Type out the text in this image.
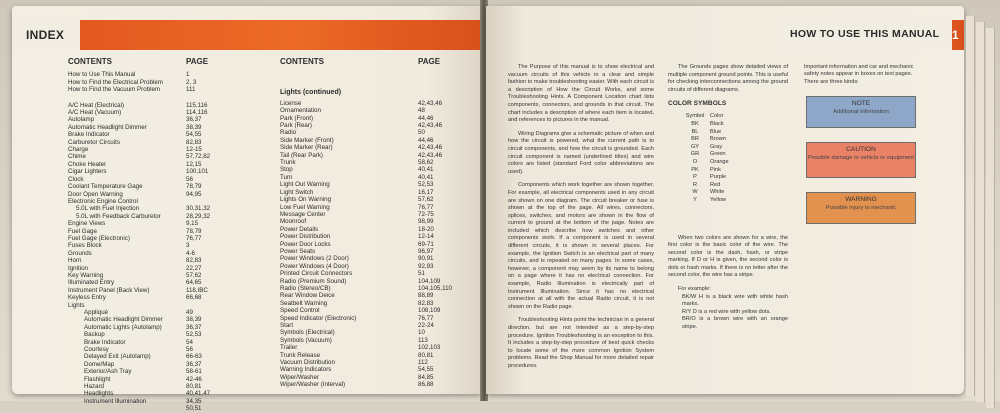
INDEX
CONTENTS	PAGE
How to Use This Manual	1
How to Find the Electrical Problem	2, 3
How to Find the Vacuum Problem	111
A/C Heat (Electrical)	115,116
A/C Heat (Vacuum)	114,116
Autolamp	36,37
Automatic Headlight Dimmer	38,39
Brake Indicator	54,55
Carburetor Circuits	82,83
Charge	12-15
Chime	57,72,82
Choke Heater	12,15
Cigar Lighters	100,101
Clock	56
Coolant Temperature Gage	78,79
Door Open Warning	94,95
Electronic Engine Control
5.0L with Fuel Injection	30,31,32
5.0L with Feedback Carburetor	28,29,32
Engine Views	9,15
Fuel Gage	78,79
Fuel Gage (Electronic)	76,77
Fuses Block	3
Grounds	4-6
Horn	82,83
Ignition	22,27
Key Warning	57,62
Illuminated Entry	64,65
Instrument Panel (Back View)	118,IBC
Keyless Entry	66,68
Lights
Appliqué	49
Automatic Headlight Dimmer	38,39
Automatic Lights (Autolamp)	36,37
Backup	52,53
Brake Indicator	54
Courtesy	56
Delayed Exit (Autolamp)	66-63
Dome/Map	36,37
Exterior/Ash Tray	58-61
Flashlight	42-46
Hazard	80,81
Headlights	40,41,47
Instrument Illumination	34,35
50,51
CONTENTS	PAGE
Lights (continued)
License	42,43,46
Ornamentation	48
Park (Front)	44,46
Park (Rear)	42,43,46
Radio	50
Side Marker (Front)	44,46
Side Marker (Rear)	42,43,46
Tail (Rear Park)	42,43,46
Trunk	58,62
Stop	40,41
Turn	40,41
Light Out Warning	52,53
Light Switch	16,17
Lights On Warning	57,62
Low Fuel Warning	76,77
Message Center	72-75
Moonroof	98,99
Power Details	18-20
Power Distribution	12-14
Power Door Locks	69-71
Power Seats	96,97
Power Windows (2 Door)	90,91
Power Windows (4 Door)	92,93
Printed Circuit Connectors	51
Radio (Premium Sound)	104,109
Radio (Stereo/CB)	104,105,110
Rear Window Deice	88,89
Seatbelt Warning	82,83
Speed Control	108,109
Speed Indicator (Electronic)	76,77
Start	22-24
Symbols (Electrical)	10
Symbols (Vacuum)	113
Trailer	102,103
Trunk Release	80,81
Vacuum Distribution	112
Warning Indicators	54,55
Wiper/Washer	84,85
Wiper/Washer (Interval)	86,88
HOW TO USE THIS MANUAL 1

The Purpose of this manual is to show electrical and vacuum circuits of this vehicle in a clear and simple fashion to make troubleshooting easier. With each circuit is a description of How the Circuit Works, and some Troubleshooting Hints. A Component Location chart lists components, connectors, and grounds in that circuit. The chart includes a description of where each item is located, and references to pictures in the manual.

Wiring Diagrams give a schematic picture of when and how the circuit is powered, what the current path is to circuit components, and how the circuit is grounded. Each circuit component is named (underlined titles) and wire colors are listed (standard Ford color abbreviations are used).

Components which work together are shown together. For example, all electrical components used in any circuit are shown on one diagram. The circuit breaker or fuse is shown at the top of the page. All wires, connectors, splices, switches, and motors are shown in the flow of current to ground at the bottom of the page. Notes are included which describe how switches and other components work. If a component is used in several different circuits, it is shown in several places. For example, the Ignition Switch is an electrical part of many circuits, and is repeated on many pages. In some cases, however, a component may seem by its name to belong on a page where it has no electrical connection. For example, Radio Illumination is electrically part of Instrument Illumination. Since it has no electrical connection at all with the actual Radio circuit, it is not shown on the Radio page.

Troubleshooting Hints point the technician in a general direction, but are not intended as a step-by-step procedure. Ignition Troubleshooting is an exception to this. It includes a step-by-step procedure of best quick checks to locate some of the more common Ignition System problems. Read the Shop Manual for more detailed repair procedures.

The Grounds pages show detailed views of multiple component ground points. This is useful for checking interconnections among the ground circuits of different diagrams.

COLOR SYMBOLS
Symbol	Color
BK	Black
BL	Blue
BR	Brown
GY	Gray
GR	Green
O	Orange
PK	Pink
P	Purple
R	Red
W	White
Y	Yellow

When two colors are shown for a wire, the first color is the basic color of the wire. The second color is the dash, hash, or stripe marking. If D or H is given, the second color is dots or hash marks. If there is no letter after the second color, the wire has a stripe.

For example:
BK/W H is a black wire with white hash marks.
R/Y D is a red wire with yellow dots.
BR/O is a brown wire with an orange stripe.
Important information and car and mechanic safety notes appear in boxes on text pages. There are three kinds:
NOTE
Additional information
CAUTION
Possible damage to vehicle or equipment
WARNING
Possible injury to mechanic
